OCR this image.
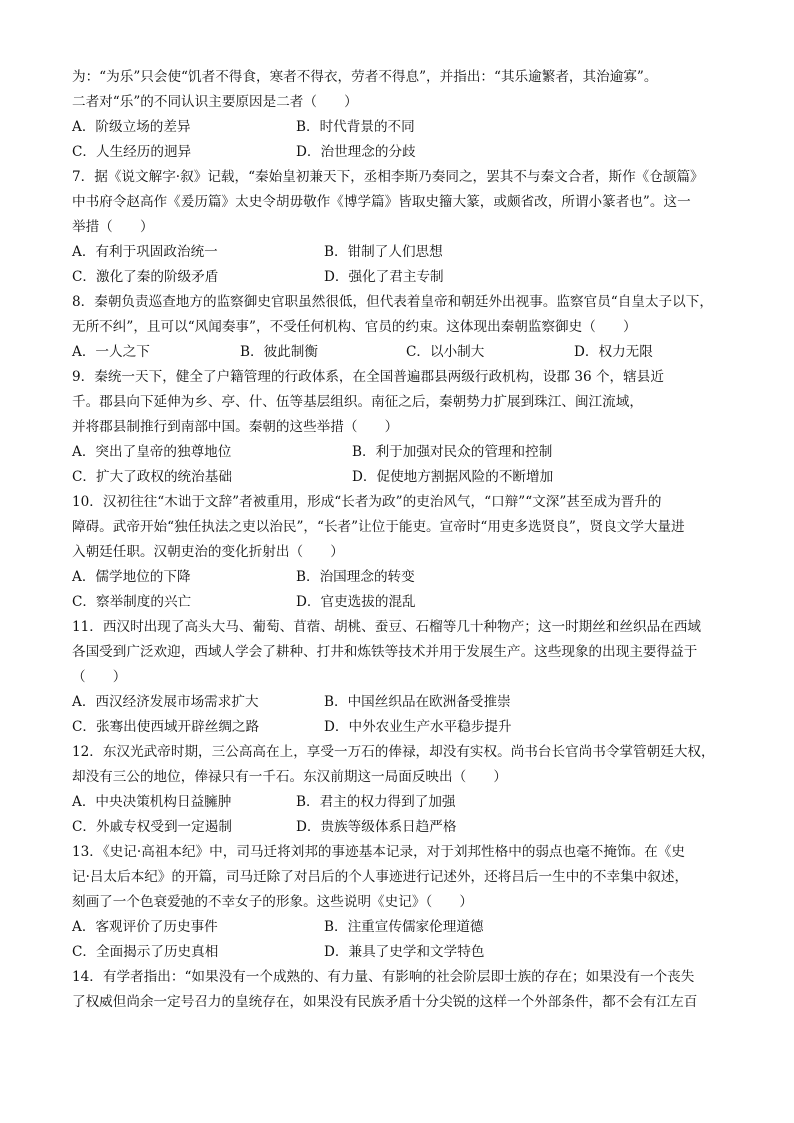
为：“为乐”只会使“饥者不得食，寒者不得衣，劳者不得息”，并指出：“其乐逾繁者，其治逾寡”。
二者对“乐”的不同认识主要原因是二者（　　）
A．阶级立场的差异	B．时代背景的不同
C．人生经历的迥异	D．治世理念的分歧
7．据《说文解字·叙》记载，“秦始皇初兼天下，丞相李斯乃奏同之，罢其不与秦文合者，斯作《仓颉篇》
中书府令赵高作《爰历篇》太史令胡毋敬作《博学篇》皆取史籀大篆，或颇省改，所谓小篆者也”。这一
举措（　　）
A．有利于巩固政治统一	B．钳制了人们思想
C．激化了秦的阶级矛盾	D．强化了君主专制
8．秦朝负责巡查地方的监察御史官职虽然很低，但代表着皇帝和朝廷外出视事。监察官员“自皇太子以下，
无所不纠”，且可以“风闻奏事”，不受任何机构、官员的约束。这体现出秦朝监察御史（　　）
A．一人之下	B．彼此制衡	C．以小制大	D．权力无限
9．秦统一天下，健全了户籍管理的行政体系，在全国普遍郡县两级行政机构，设郡 36 个，辖县近
千。郡县向下延伸为乡、亭、什、伍等基层组织。南征之后，秦朝势力扩展到珠江、闽江流域，
并将郡县制推行到南部中国。秦朝的这些举措（　　）
A．突出了皇帝的独尊地位	B．利于加强对民众的管理和控制
C．扩大了政权的统治基础	D．促使地方割据风险的不断增加
10．汉初往往“木诎于文辞”者被重用，形成“长者为政”的吏治风气，“口辩”“文深”甚至成为晋升的
障碍。武帝开始“独任执法之吏以治民”，“长者”让位于能吏。宣帝时“用吏多选贤良”，贤良文学大量进
入朝廷任职。汉朝吏治的变化折射出（　　）
A．儒学地位的下降	B．治国理念的转变
C．察举制度的兴亡	D．官吏选拔的混乱
11．西汉时出现了高头大马、葡萄、苜蓿、胡桃、蚕豆、石榴等几十种物产；这一时期丝和丝织品在西域
各国受到广泛欢迎，西域人学会了耕种、打井和炼铁等技术并用于发展生产。这些现象的出现主要得益于
（　　）
A．西汉经济发展市场需求扩大	B．中国丝织品在欧洲备受推崇
C．张骞出使西域开辟丝绸之路	D．中外农业生产水平稳步提升
12．东汉光武帝时期，三公高高在上，享受一万石的俸禄，却没有实权。尚书台长官尚书令掌管朝廷大权，
却没有三公的地位，俸禄只有一千石。东汉前期这一局面反映出（　　）
A．中央决策机构日益臃肿	B．君主的权力得到了加强
C．外戚专权受到一定遏制	D．贵族等级体系日趋严格
13．《史记·高祖本纪》中，司马迁将刘邦的事迹基本记录，对于刘邦性格中的弱点也毫不掩饰。在《史
记·吕太后本纪》的开篇，司马迁除了对吕后的个人事迹进行记述外，还将吕后一生中的不幸集中叙述，
刻画了一个色衰爱弛的不幸女子的形象。这些说明《史记》（　　）
A．客观评价了历史事件	B．注重宣传儒家伦理道德
C．全面揭示了历史真相	D．兼具了史学和文学特色
14．有学者指出：“如果没有一个成熟的、有力量、有影响的社会阶层即士族的存在；如果没有一个丧失
了权威但尚余一定号召力的皇统存在，如果没有民族矛盾十分尖锐的这样一个外部条件，都不会有江左百
